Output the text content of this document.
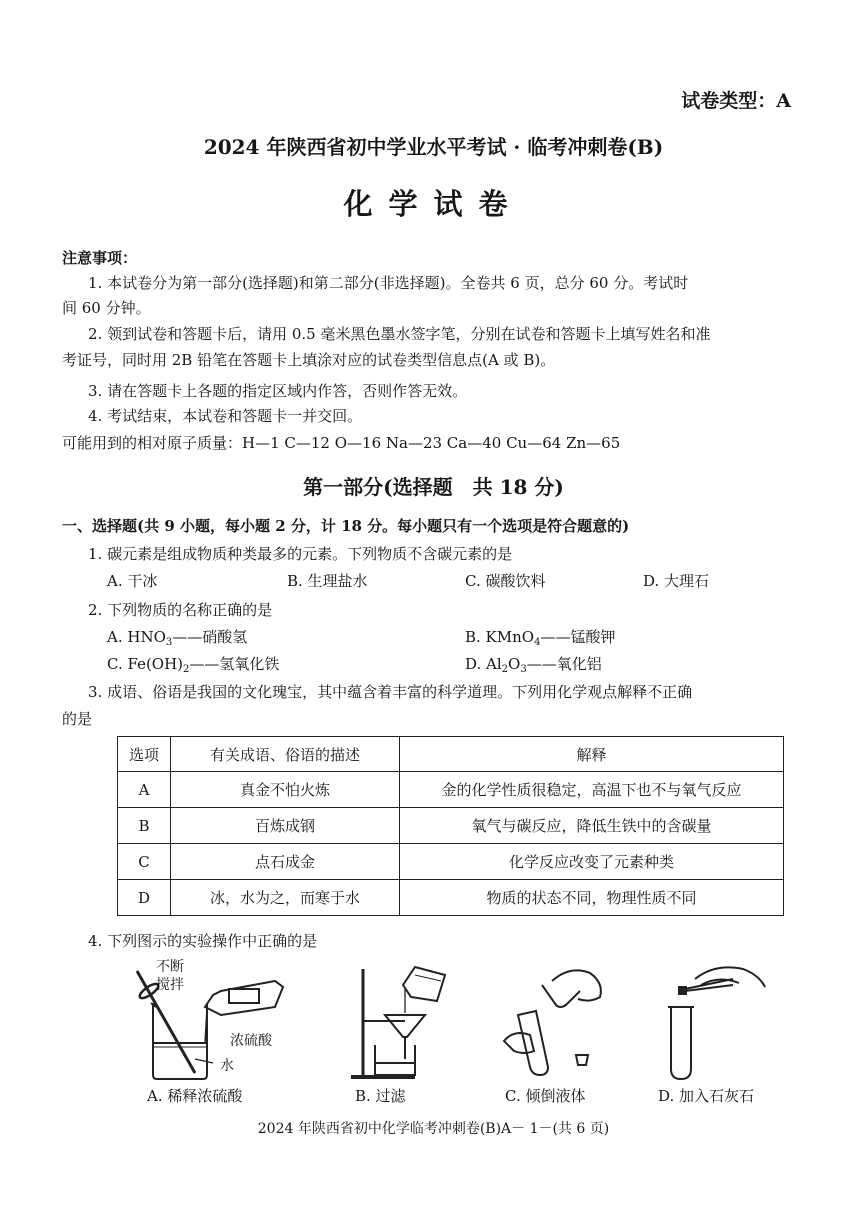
试卷类型：A
2024 年陕西省初中学业水平考试 · 临考冲刺卷(B)
化学试卷
注意事项：
1. 本试卷分为第一部分(选择题)和第二部分(非选择题)。全卷共 6 页，总分 60 分。考试时
间 60 分钟。
2. 领到试卷和答题卡后，请用 0.5 毫米黑色墨水签字笔，分别在试卷和答题卡上填写姓名和准
考证号，同时用 2B 铅笔在答题卡上填涂对应的试卷类型信息点(A 或 B)。
3. 请在答题卡上各题的指定区域内作答，否则作答无效。
4. 考试结束，本试卷和答题卡一并交回。
可能用到的相对原子质量：H—1 C—12 O—16 Na—23 Ca—40 Cu—64 Zn—65
第一部分(选择题　共 18 分)
一、选择题(共 9 小题，每小题 2 分，计 18 分。每小题只有一个选项是符合题意的)
1. 碳元素是组成物质种类最多的元素。下列物质不含碳元素的是
A. 干冰	B. 生理盐水	C. 碳酸饮料	D. 大理石
2. 下列物质的名称正确的是
A. $HNO_3——$硝酸氢	B. KMnO$_4$——锰酸钾
C. $Fe(OH)_2——$氢氧化铁	D. $Al_2O_3——$氧化铝
3. 成语、俗语是我国的文化瑰宝，其中蕴含着丰富的科学道理。下列用化学观点解释不正确
的是
选项	有关成语、俗语的描述	解释
A	真金不怕火炼	金的化学性质很稳定，高温下也不与氧气反应
B	百炼成钢	氧气与碳反应，降低生铁中的含碳量
C	点石成金	化学反应改变了元素种类
D	冰，水为之，而寒于水	物质的状态不同，物理性质不同
4. 下列图示的实验操作中正确的是
不断
搅拌
浓硫酸
水
A. 稀释浓硫酸	B. 过滤	C. 倾倒液体	D. 加入石灰石
2024 年陕西省初中化学临考冲刺卷(B)A－ 1－(共 6 页)
